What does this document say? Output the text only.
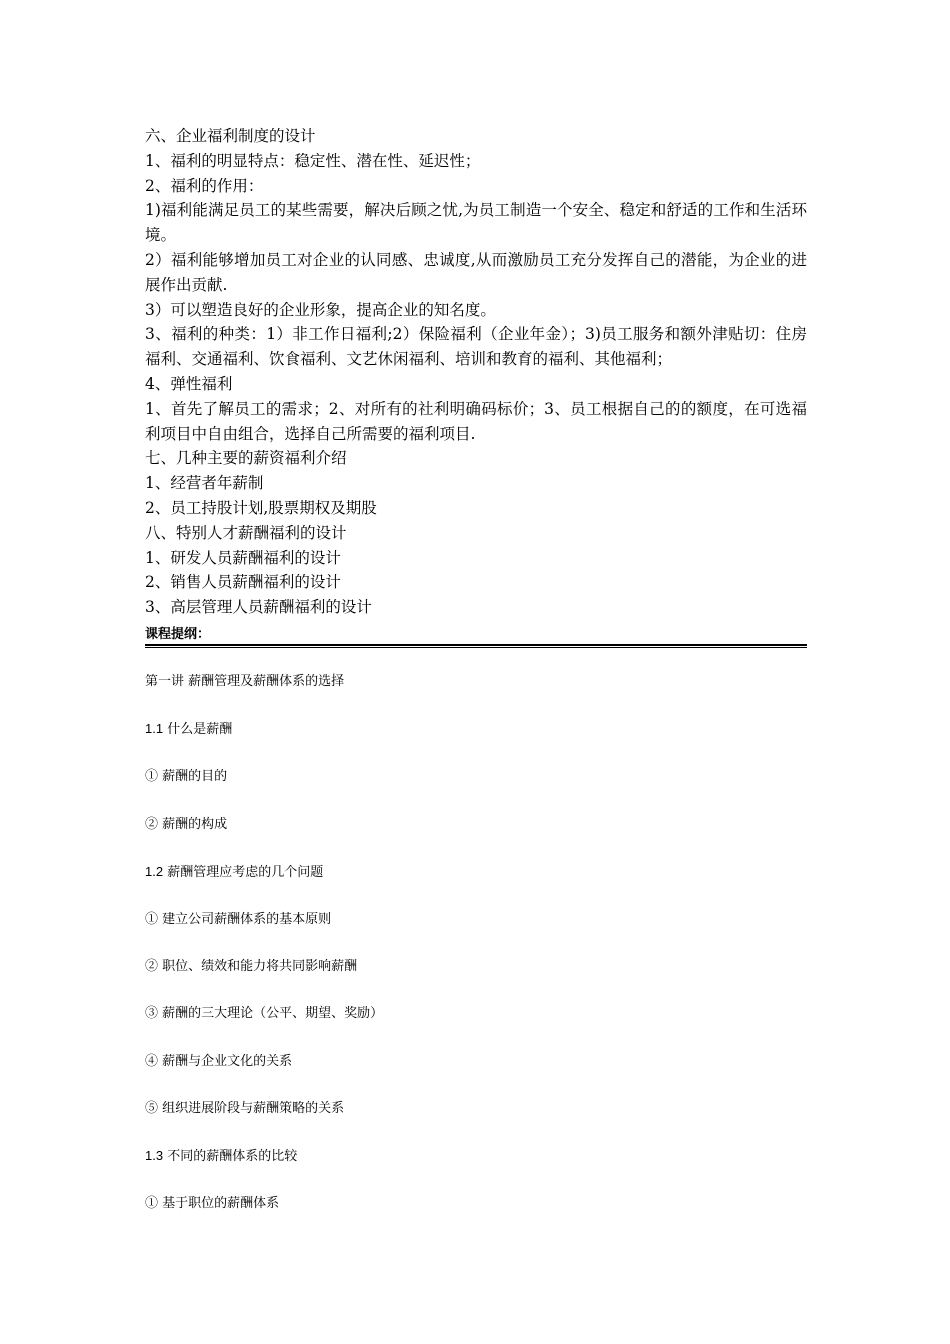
六、企业福利制度的设计

1、福利的明显特点：稳定性、潜在性、延迟性；

2、福利的作用：

1)福利能满足员工的某些需要，解决后顾之忧,为员工制造一个安全、稳定和舒适的工作和生活环境。

2）福利能够增加员工对企业的认同感、忠诚度,从而激励员工充分发挥自己的潜能，为企业的进展作出贡献.

3）可以塑造良好的企业形象，提高企业的知名度。

3、福利的种类：1）非工作日福利;2）保险福利（企业年金）；3)员工服务和额外津贴切：住房福利、交通福利、饮食福利、文艺休闲福利、培训和教育的福利、其他福利；

4、弹性福利

1、首先了解员工的需求；2、对所有的社利明确码标价；3、员工根据自己的的额度，在可选福利项目中自由组合，选择自己所需要的福利项目.

七、几种主要的薪资福利介绍

1、经营者年薪制

2、员工持股计划,股票期权及期股

八、特别人才薪酬福利的设计

1、研发人员薪酬福利的设计

2、销售人员薪酬福利的设计

3、高层管理人员薪酬福利的设计

课程提纲：

第一讲 薪酬管理及薪酬体系的选择

1.1 什么是薪酬

① 薪酬的目的

② 薪酬的构成

1.2 薪酬管理应考虑的几个问题

① 建立公司薪酬体系的基本原则

② 职位、绩效和能力将共同影响薪酬

③ 薪酬的三大理论（公平、期望、奖励）

④ 薪酬与企业文化的关系

⑤ 组织进展阶段与薪酬策略的关系

1.3 不同的薪酬体系的比较

① 基于职位的薪酬体系
